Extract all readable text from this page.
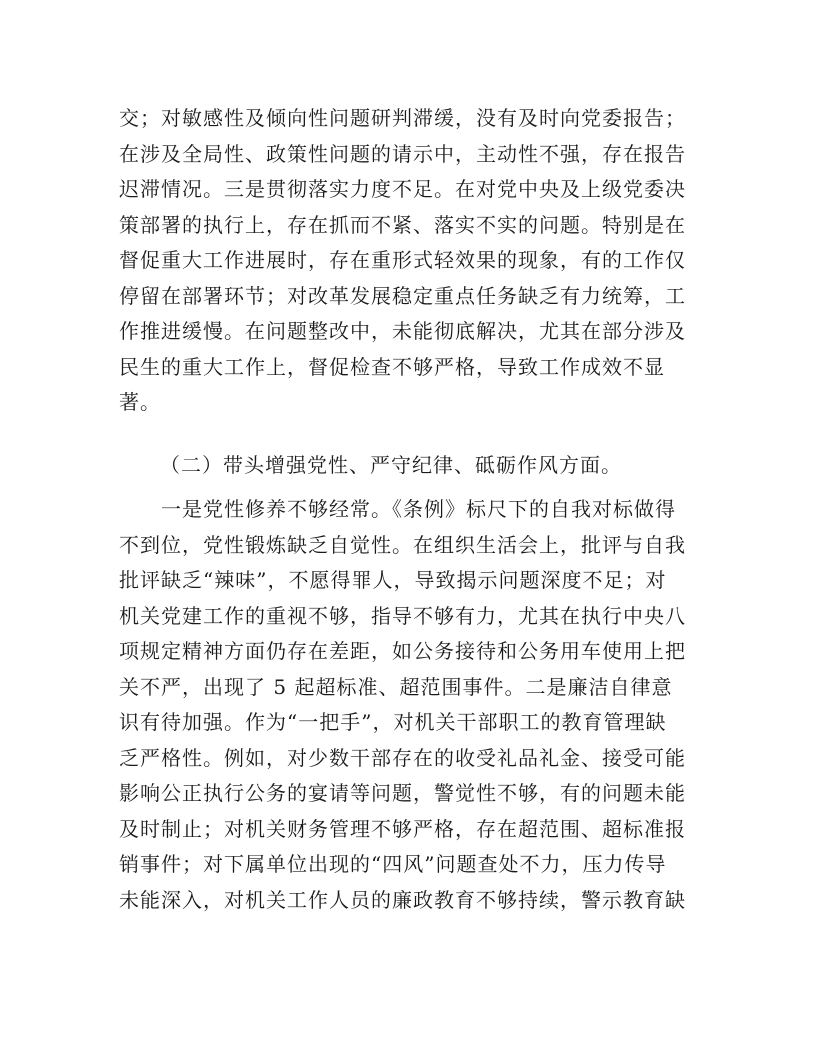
交；对敏感性及倾向性问题研判滞缓，没有及时向党委报告；
在涉及全局性、政策性问题的请示中，主动性不强，存在报告
迟滞情况。三是贯彻落实力度不足。在对党中央及上级党委决
策部署的执行上，存在抓而不紧、落实不实的问题。特别是在
督促重大工作进展时，存在重形式轻效果的现象，有的工作仅
停留在部署环节；对改革发展稳定重点任务缺乏有力统筹，工
作推进缓慢。在问题整改中，未能彻底解决，尤其在部分涉及
民生的重大工作上，督促检查不够严格，导致工作成效不显
著。
（二）带头增强党性、严守纪律、砥砺作风方面。
　　一是党性修养不够经常。《条例》标尺下的自我对标做得
不到位，党性锻炼缺乏自觉性。在组织生活会上，批评与自我
批评缺乏“辣味”，不愿得罪人，导致揭示问题深度不足；对
机关党建工作的重视不够，指导不够有力，尤其在执行中央八
项规定精神方面仍存在差距，如公务接待和公务用车使用上把
关不严，出现了 5 起超标准、超范围事件。二是廉洁自律意
识有待加强。作为“一把手”，对机关干部职工的教育管理缺
乏严格性。例如，对少数干部存在的收受礼品礼金、接受可能
影响公正执行公务的宴请等问题，警觉性不够，有的问题未能
及时制止；对机关财务管理不够严格，存在超范围、超标准报
销事件；对下属单位出现的“四风”问题查处不力，压力传导
未能深入，对机关工作人员的廉政教育不够持续，警示教育缺
